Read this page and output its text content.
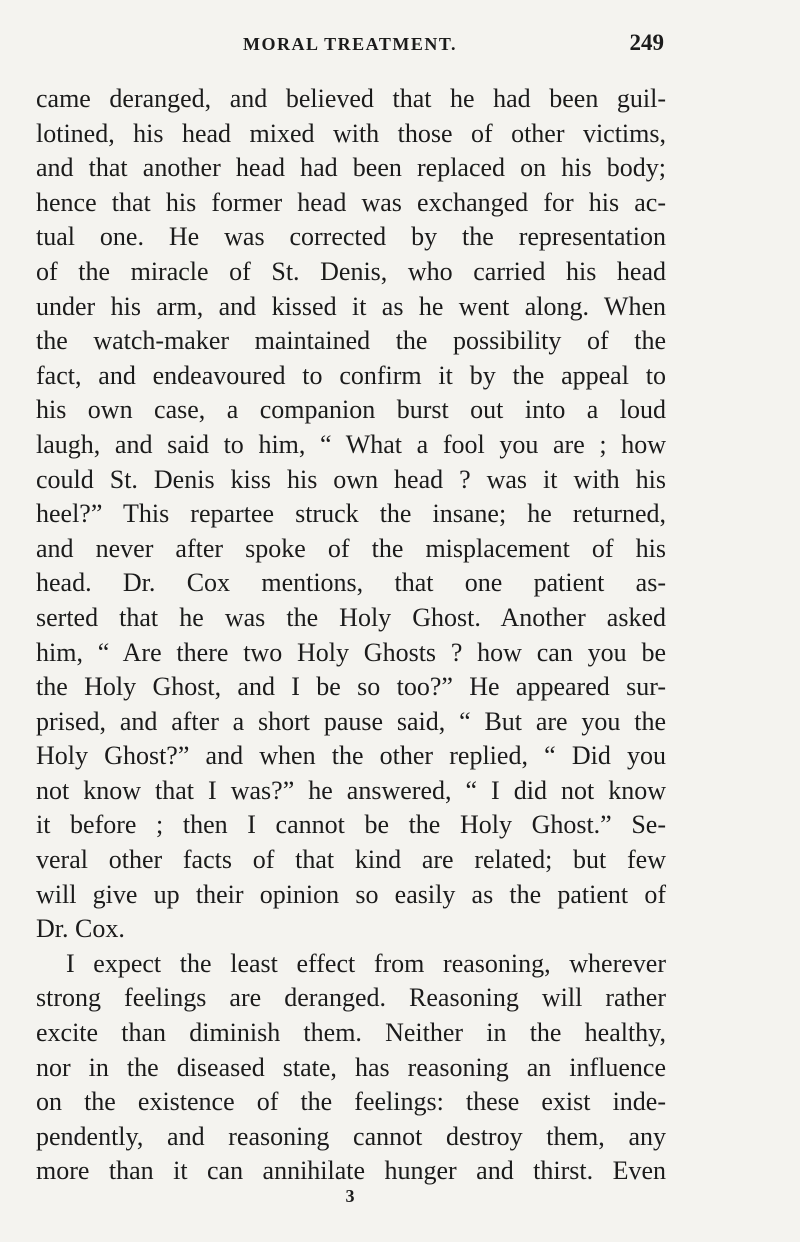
MORAL TREATMENT.	249
came deranged, and believed that he had been guil-
lotined, his head mixed with those of other victims,
and that another head had been replaced on his body;
hence that his former head was exchanged for his ac-
tual one. He was corrected by the representation
of the miracle of St. Denis, who carried his head
under his arm, and kissed it as he went along. When
the watch-maker maintained the possibility of the
fact, and endeavoured to confirm it by the appeal to
his own case, a companion burst out into a loud
laugh, and said to him, “ What a fool you are ; how
could St. Denis kiss his own head ? was it with his
heel?” This repartee struck the insane; he returned,
and never after spoke of the misplacement of his
head. Dr. Cox mentions, that one patient as-
serted that he was the Holy Ghost. Another asked
him, “ Are there two Holy Ghosts ? how can you be
the Holy Ghost, and I be so too?” He appeared sur-
prised, and after a short pause said, “ But are you the
Holy Ghost?” and when the other replied, “ Did you
not know that I was?” he answered, “ I did not know
it before ; then I cannot be the Holy Ghost.” Se-
veral other facts of that kind are related; but few
will give up their opinion so easily as the patient of
Dr. Cox.
I expect the least effect from reasoning, wherever
strong feelings are deranged. Reasoning will rather
excite than diminish them. Neither in the healthy,
nor in the diseased state, has reasoning an influence
on the existence of the feelings: these exist inde-
pendently, and reasoning cannot destroy them, any
more than it can annihilate hunger and thirst. Even
3
